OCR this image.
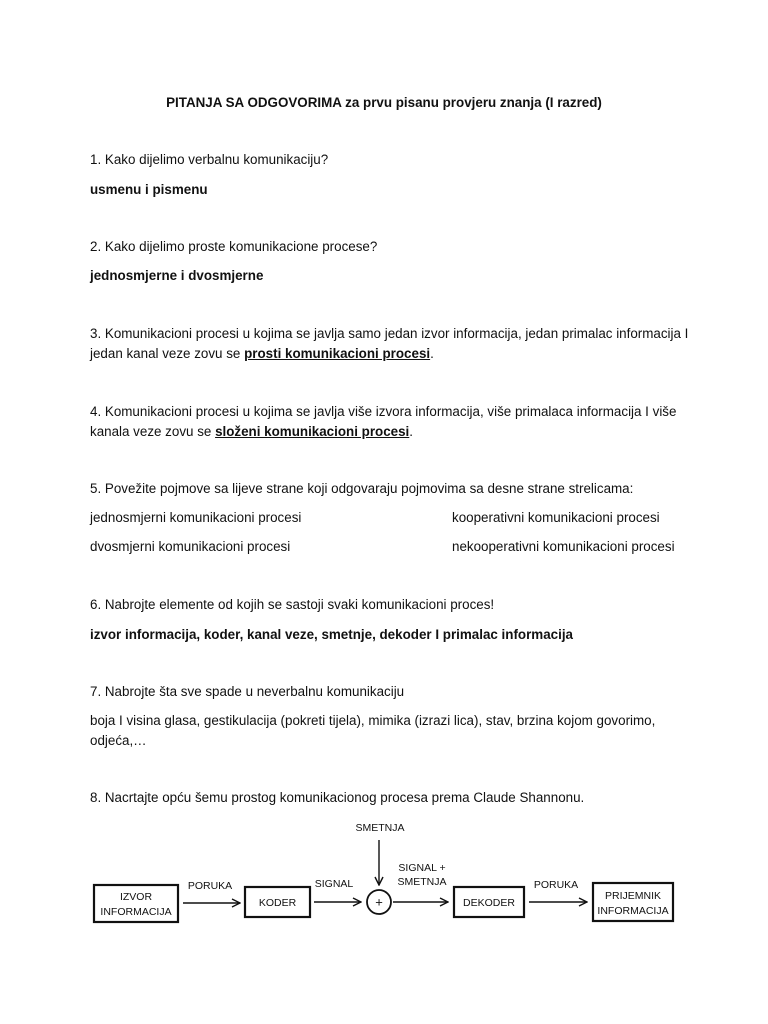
PITANJA SA ODGOVORIMA za prvu pisanu provjeru znanja (I razred)
1. Kako dijelimo verbalnu komunikaciju?
usmenu i pismenu
2. Kako dijelimo proste komunikacione procese?
jednosmjerne i dvosmjerne
3. Komunikacioni procesi u kojima se javlja samo jedan izvor informacija, jedan primalac informacija I
jedan kanal veze zovu se prosti komunikacioni procesi.
4. Komunikacioni procesi u kojima se javlja više izvora informacija, više primalaca informacija I više
kanala veze zovu se složeni komunikacioni procesi.
5. Povežite pojmove sa lijeve strane koji odgovaraju pojmovima sa desne strane strelicama:
jednosmjerni komunikacioni procesi	kooperativni komunikacioni procesi
dvosmjerni komunikacioni procesi	nekooperativni komunikacioni procesi
6. Nabrojte elemente od kojih se sastoji svaki komunikacioni proces!
izvor informacija, koder, kanal veze, smetnje, dekoder I primalac informacija
7. Nabrojte šta sve spade u neverbalnu komunikaciju
boja I visina glasa, gestikulacija (pokreti tijela), mimika (izrazi lica), stav, brzina kojom govorimo,
odjeća,…
8. Nacrtajte opću šemu prostog komunikacionog procesa prema Claude Shannonu.
IZVOR
INFORMACIJA
PORUKA
KODER
SIGNAL
SMETNJA
+
SIGNAL +
SMETNJA
DEKODER
PORUKA
PRIJEMNIK
INFORMACIJA
